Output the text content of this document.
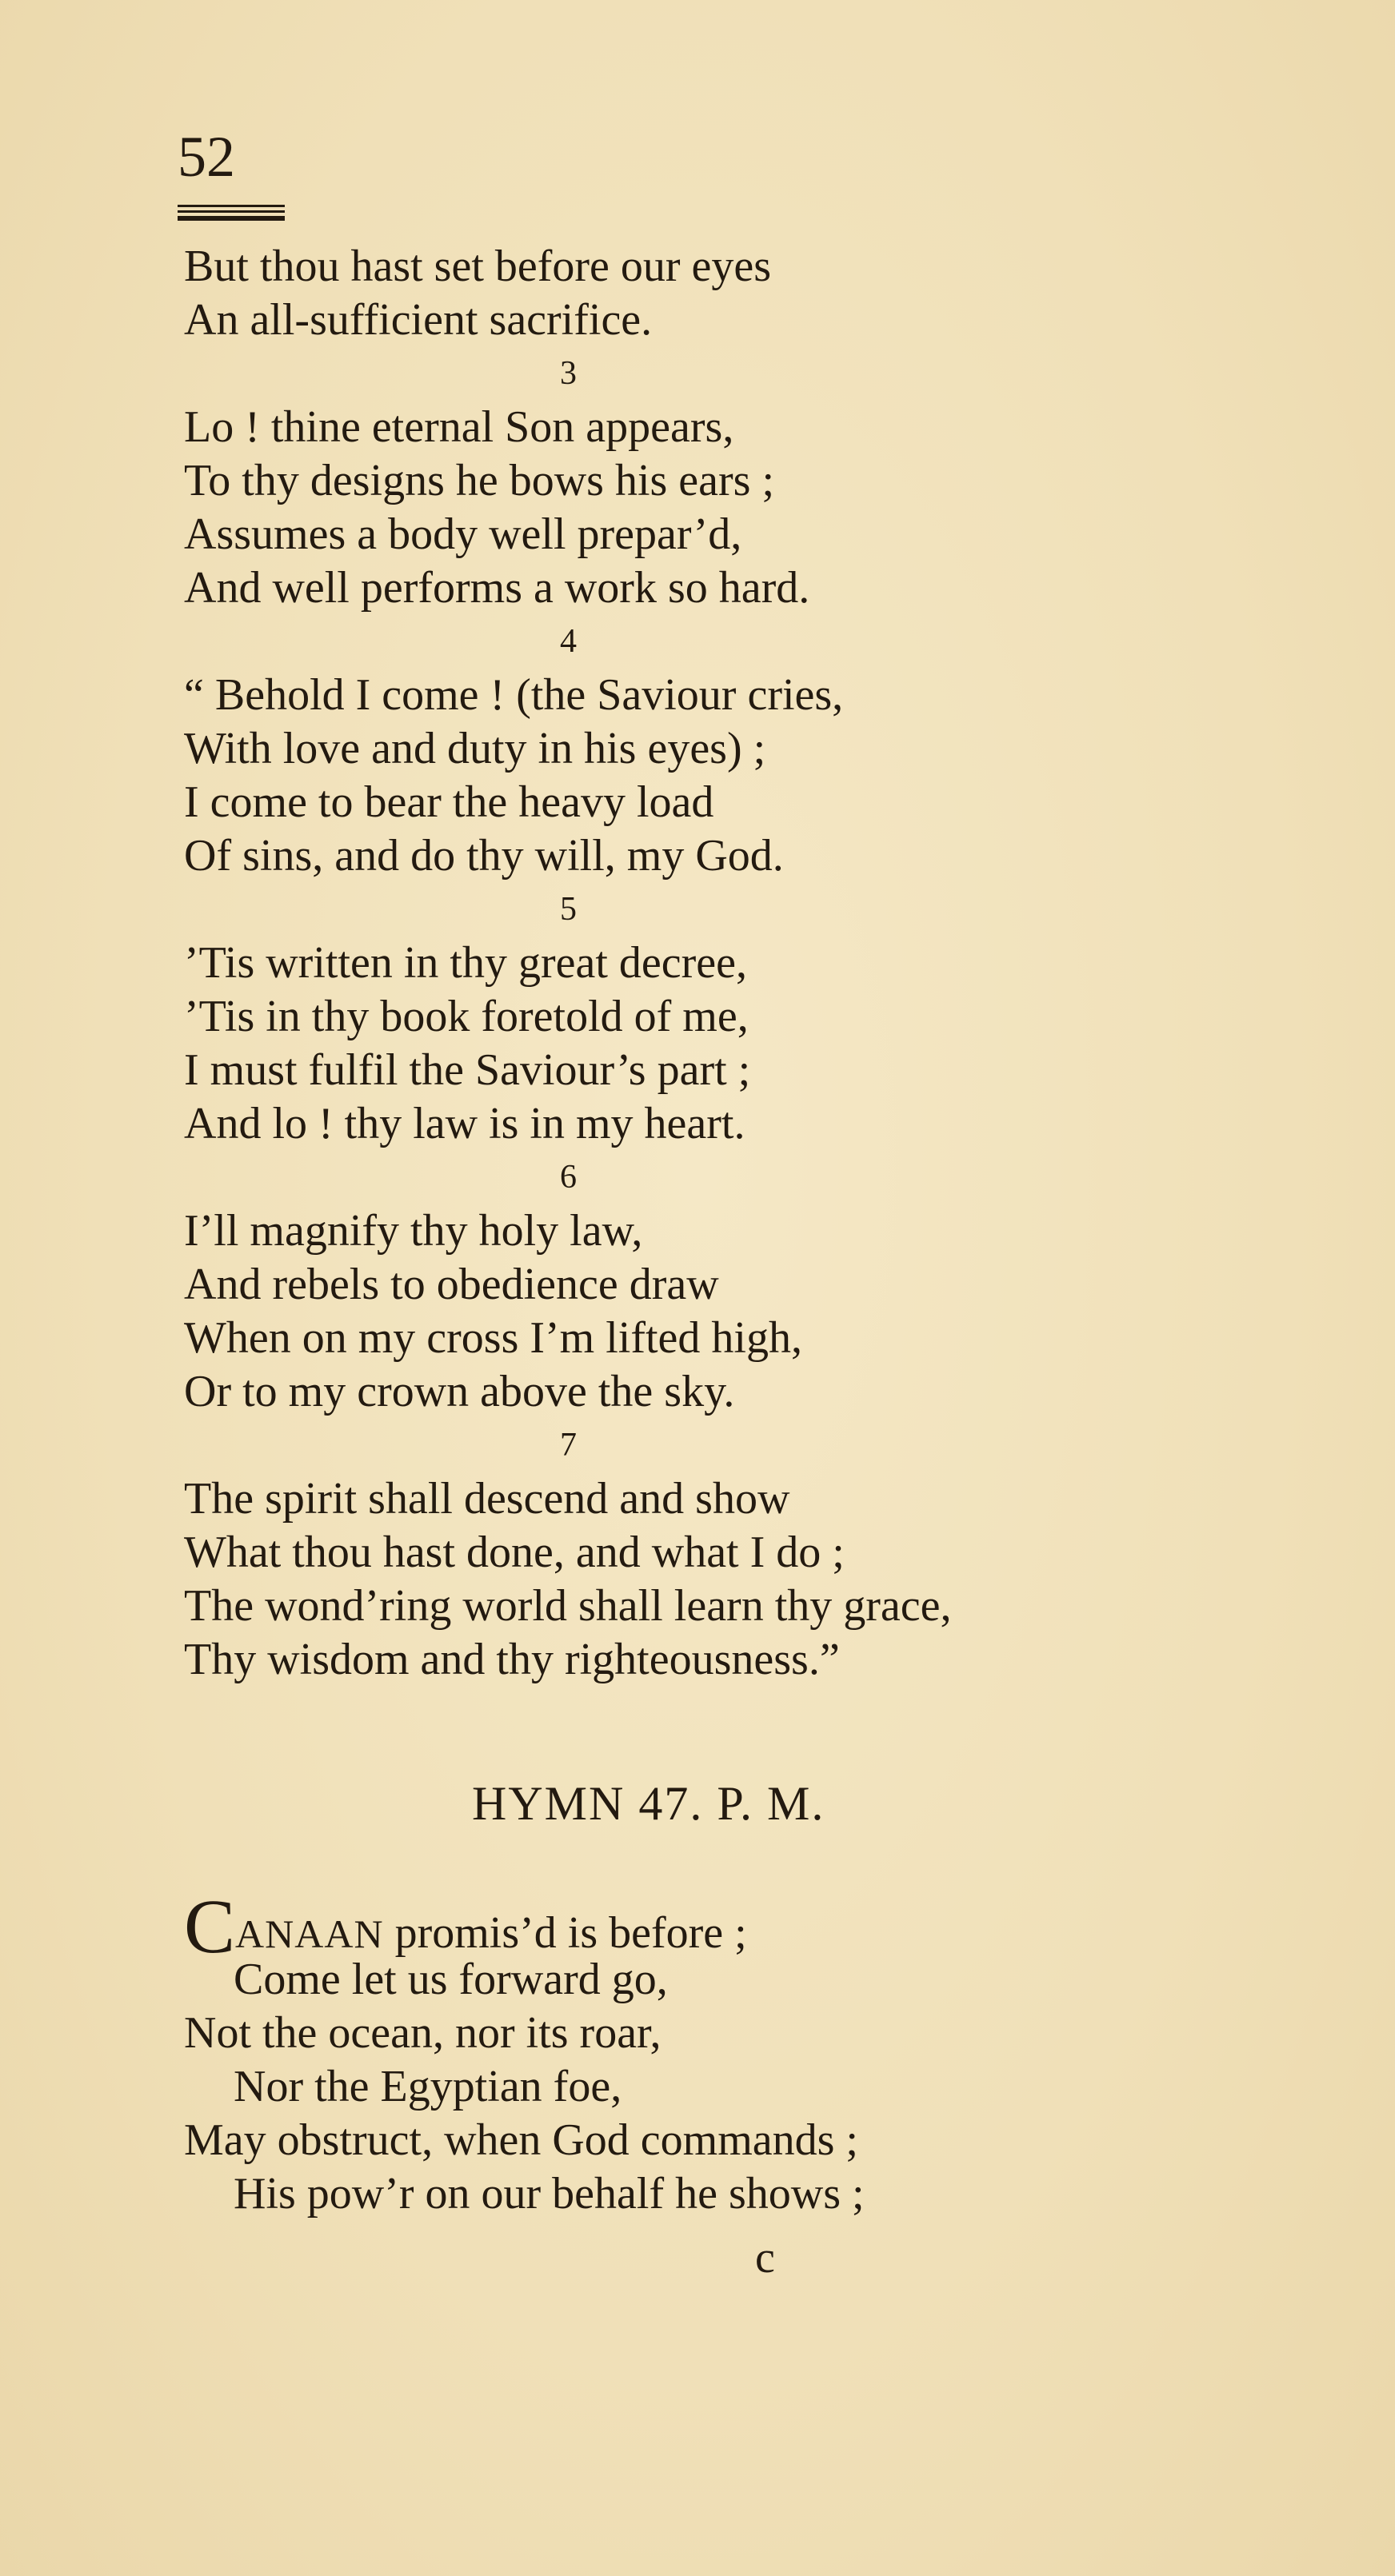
52
But thou hast set before our eyes
An all-sufficient sacrifice.
3
Lo ! thine eternal Son appears,
To thy designs he bows his ears ;
Assumes a body well prepar’d,
And well performs a work so hard.
4
“ Behold I come ! (the Saviour cries,
With love and duty in his eyes) ;
I come to bear the heavy load
Of sins, and do thy will, my God.
5
’Tis written in thy great decree,
’Tis in thy book foretold of me,
I must fulfil the Saviour’s part ;
And lo ! thy law is in my heart.
6
I’ll magnify thy holy law,
And rebels to obedience draw
When on my cross I’m lifted high,
Or to my crown above the sky.
7
The spirit shall descend and show
What thou hast done, and what I do ;
The wond’ring world shall learn thy grace,
Thy wisdom and thy righteousness.”
HYMN 47. P. M.
CANAAN promis’d is before ;
Come let us forward go,
Not the ocean, nor its roar,
Nor the Egyptian foe,
May obstruct, when God commands ;
His pow’r on our behalf he shows ;
c
